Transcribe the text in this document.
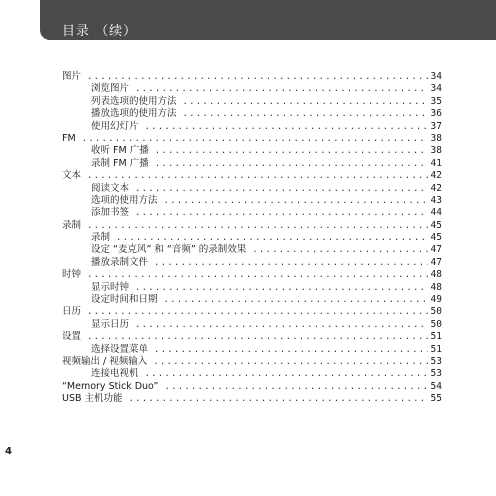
目录 （续）
图片 .....	34
浏览图片 .....	34
列表选项的使用方法 .....	35
播放选项的使用方法 .....	36
使用幻灯片 .....	37
FM .....	38
收听 FM 广播 .....	38
录制 FM 广播 .....	41
文本 .....	42
阅读文本 .....	42
选项的使用方法 .....	43
添加书签 .....	44
录制 .....	45
录制 .....	45
设定 “麦克风” 和 “音频” 的录制效果 .....	47
播放录制文件 .....	47
时钟 .....	48
显示时钟 .....	48
设定时间和日期 .....	49
日历 .....	50
显示日历 .....	50
设置 .....	51
选择设置菜单 .....	51
视频输出 / 视频输入 .....	53
连接电视机 .....	53
“Memory Stick Duo” .....	54
USB 主机功能 .....	55
4
